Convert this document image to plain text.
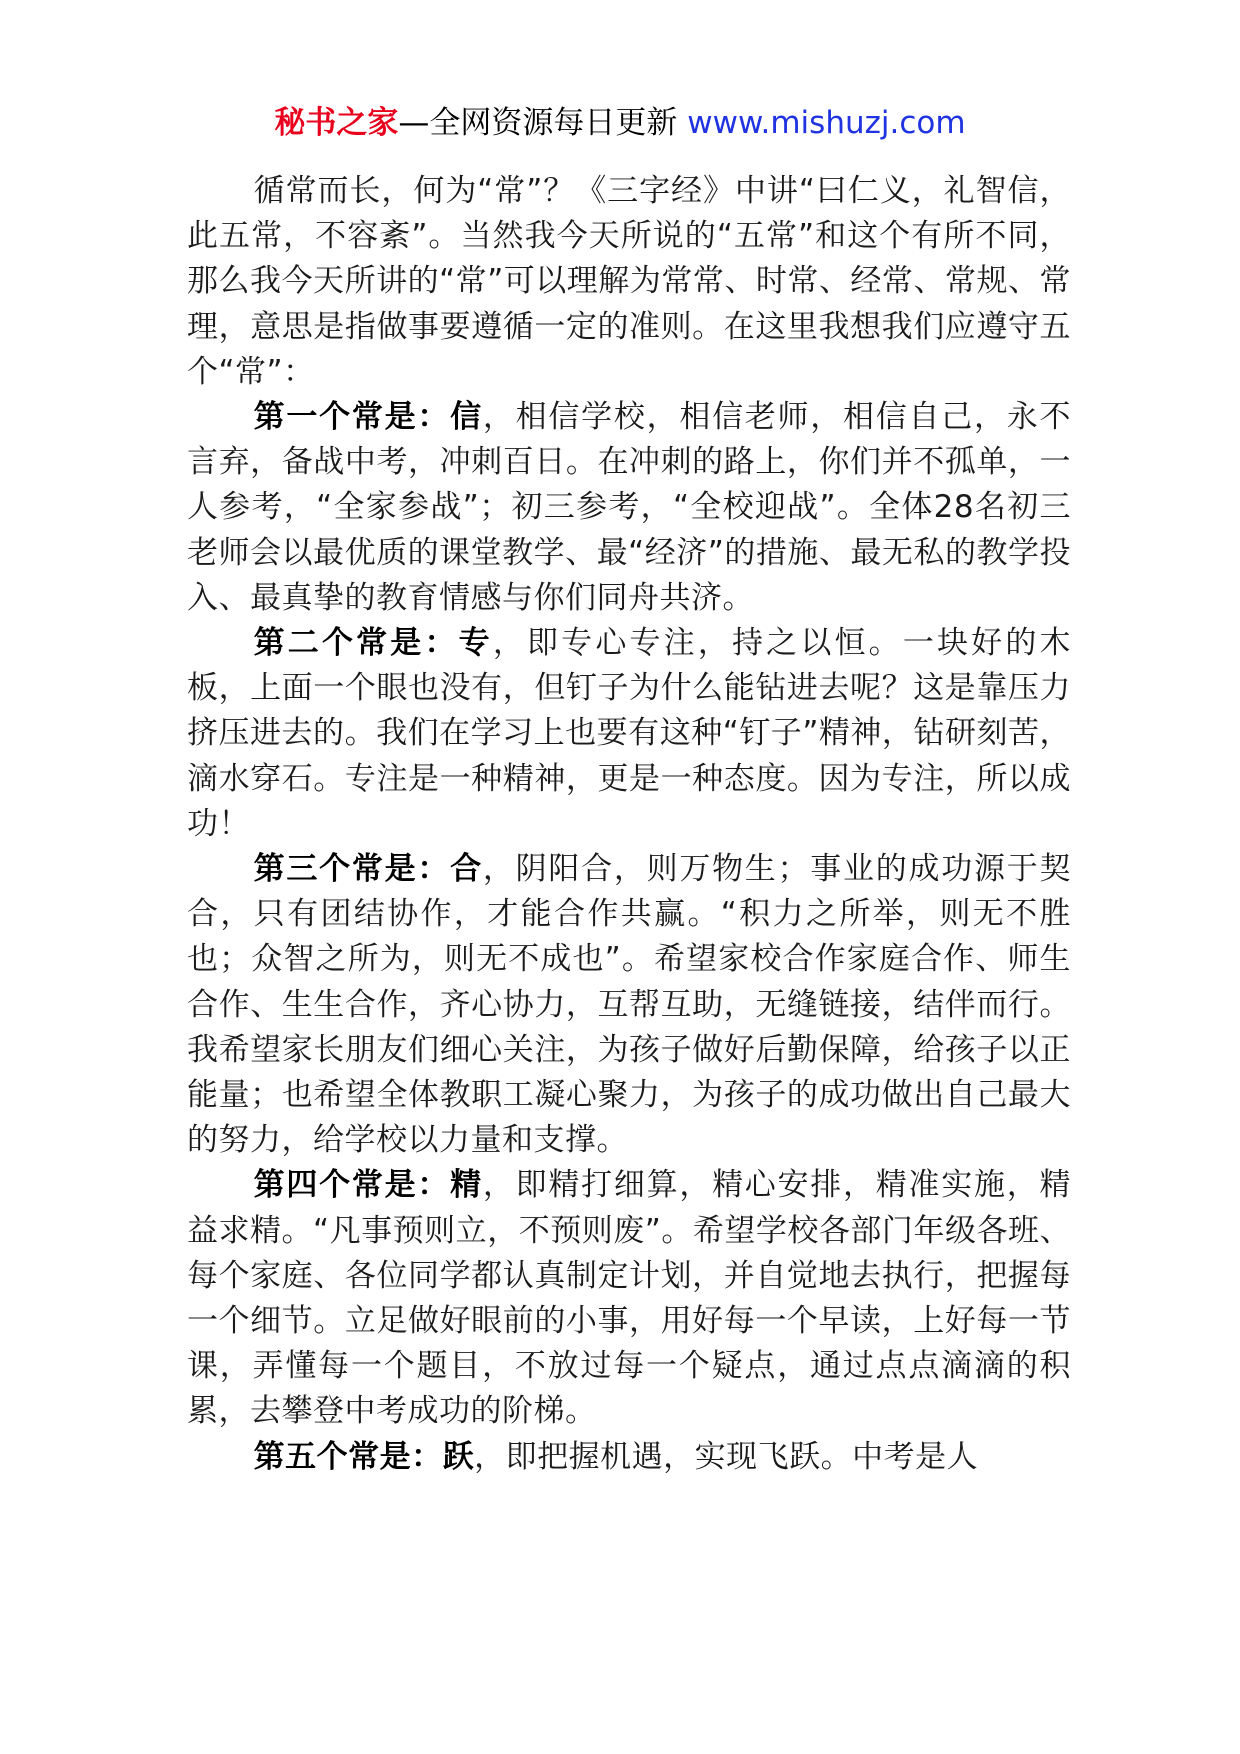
秘书之家—全网资源每日更新 www.mishuzj.com

循常而长，何为“常”？《三字经》中讲“曰仁义，礼智信，此五常，不容紊”。当然我今天所说的“五常”和这个有所不同，那么我今天所讲的“常”可以理解为常常、时常、经常、常规、常理，意思是指做事要遵循一定的准则。在这里我想我们应遵守五个“常”：

第一个常是：信，相信学校，相信老师，相信自己，永不言弃，备战中考，冲刺百日。在冲刺的路上，你们并不孤单，一人参考，“全家参战”；初三参考，“全校迎战”。全体28名初三老师会以最优质的课堂教学、最“经济”的措施、最无私的教学投入、最真挚的教育情感与你们同舟共济。

第二个常是：专，即专心专注，持之以恒。一块好的木板，上面一个眼也没有，但钉子为什么能钻进去呢？这是靠压力挤压进去的。我们在学习上也要有这种“钉子”精神，钻研刻苦，滴水穿石。专注是一种精神，更是一种态度。因为专注，所以成功！

第三个常是：合，阴阳合，则万物生；事业的成功源于契合，只有团结协作，才能合作共赢。“积力之所举，则无不胜也；众智之所为，则无不成也”。希望家校合作家庭合作、师生合作、生生合作，齐心协力，互帮互助，无缝链接，结伴而行。我希望家长朋友们细心关注，为孩子做好后勤保障，给孩子以正能量；也希望全体教职工凝心聚力，为孩子的成功做出自己最大的努力，给学校以力量和支撑。

第四个常是：精，即精打细算，精心安排，精准实施，精益求精。“凡事预则立，不预则废”。希望学校各部门年级各班、每个家庭、各位同学都认真制定计划，并自觉地去执行，把握每一个细节。立足做好眼前的小事，用好每一个早读，上好每一节课，弄懂每一个题目，不放过每一个疑点，通过点点滴滴的积累，去攀登中考成功的阶梯。

第五个常是：跃，即把握机遇，实现飞跃。中考是人
